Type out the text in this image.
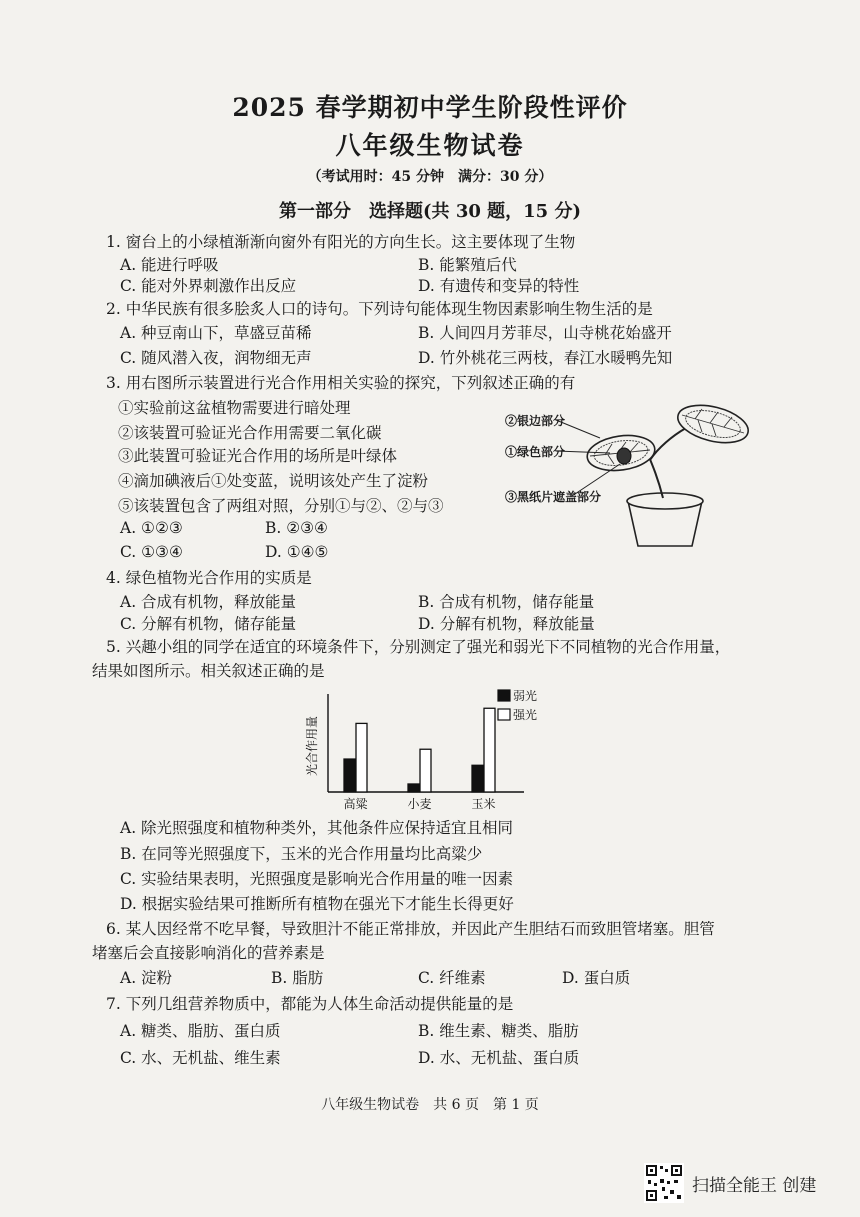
2025 春学期初中学生阶段性评价
八年级生物试卷
（考试用时：45 分钟　满分：30 分）
第一部分　选择题(共 30 题，15 分)
1. 窗台上的小绿植渐渐向窗外有阳光的方向生长。这主要体现了生物
A. 能进行呼吸	B. 能繁殖后代
C. 能对外界刺激作出反应	D. 有遗传和变异的特性
2. 中华民族有很多脍炙人口的诗句。下列诗句能体现生物因素影响生物生活的是
A. 种豆南山下，草盛豆苗稀	B. 人间四月芳菲尽，山寺桃花始盛开
C. 随风潜入夜，润物细无声	D. 竹外桃花三两枝，春江水暖鸭先知
3. 用右图所示装置进行光合作用相关实验的探究，下列叙述正确的有
①实验前这盆植物需要进行暗处理
②该装置可验证光合作用需要二氧化碳
③此装置可验证光合作用的场所是叶绿体
④滴加碘液后①处变蓝，说明该处产生了淀粉
⑤该装置包含了两组对照，分别①与②、②与③
A. ①②③	B. ②③④
C. ①③④	D. ①④⑤
②银边部分
①绿色部分
③黑纸片遮盖部分
4. 绿色植物光合作用的实质是
A. 合成有机物，释放能量	B. 合成有机物，储存能量
C. 分解有机物，储存能量	D. 分解有机物，释放能量
5. 兴趣小组的同学在适宜的环境条件下，分别测定了强光和弱光下不同植物的光合作用量，
结果如图所示。相关叙述正确的是
光合作用量
高粱	小麦	玉米
弱光
强光
A. 除光照强度和植物种类外，其他条件应保持适宜且相同
B. 在同等光照强度下，玉米的光合作用量均比高粱少
C. 实验结果表明，光照强度是影响光合作用量的唯一因素
D. 根据实验结果可推断所有植物在强光下才能生长得更好
6. 某人因经常不吃早餐，导致胆汁不能正常排放，并因此产生胆结石而致胆管堵塞。胆管
堵塞后会直接影响消化的营养素是
A. 淀粉	B. 脂肪	C. 纤维素	D. 蛋白质
7. 下列几组营养物质中，都能为人体生命活动提供能量的是
A. 糖类、脂肪、蛋白质	B. 维生素、糖类、脂肪
C. 水、无机盐、维生素	D. 水、无机盐、蛋白质
八年级生物试卷　共 6 页　第 1 页
扫描全能王 创建
